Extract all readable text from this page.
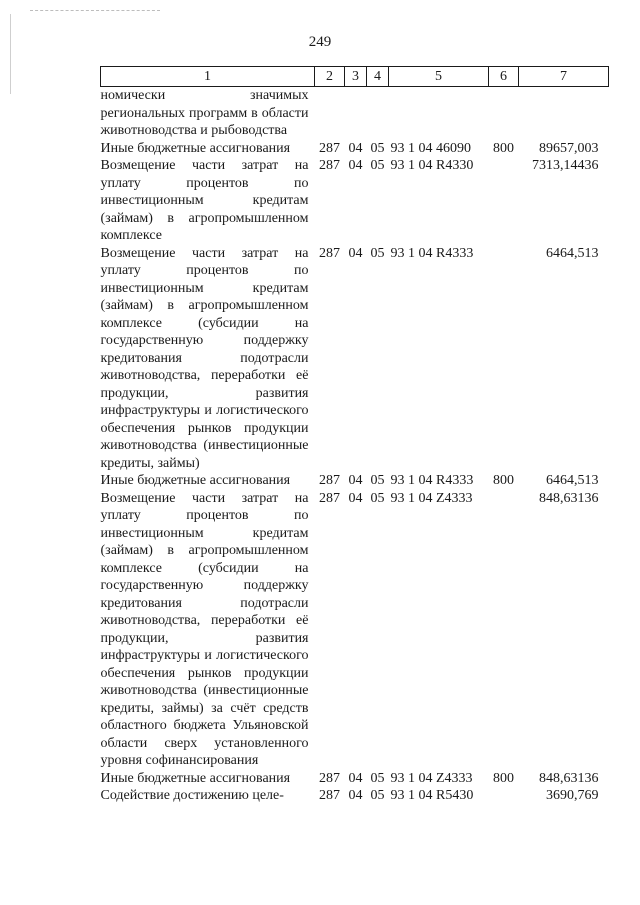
249
1	2	3	4	5	6	7
номически значимых региональных программ в области животноводства и рыбоводства						
Иные бюджетные ассигнования	287	04	05	93 1 04 46090	800	89657,003
Возмещение части затрат на уплату процентов по инвестиционным кредитам (займам) в агропромышленном комплексе	287	04	05	93 1 04 R4330		7313,14436
Возмещение части затрат на уплату процентов по инвестиционным кредитам (займам) в агропромышленном комплексе (субсидии на государственную поддержку кредитования подотрасли животноводства, переработки её продукции, развития инфраструктуры и логистического обеспечения рынков продукции животноводства (инвестиционные кредиты, займы)	287	04	05	93 1 04 R4333		6464,513
Иные бюджетные ассигнования	287	04	05	93 1 04 R4333	800	6464,513
Возмещение части затрат на уплату процентов по инвестиционным кредитам (займам) в агропромышленном комплексе (субсидии на государственную поддержку кредитования подотрасли животноводства, переработки её продукции, развития инфраструктуры и логистического обеспечения рынков продукции животноводства (инвестиционные кредиты, займы) за счёт средств областного бюджета Ульяновской области сверх установленного уровня софинансирования	287	04	05	93 1 04 Z4333		848,63136
Иные бюджетные ассигнования	287	04	05	93 1 04 Z4333	800	848,63136
Содействие достижению целе-	287	04	05	93 1 04 R5430		3690,769
